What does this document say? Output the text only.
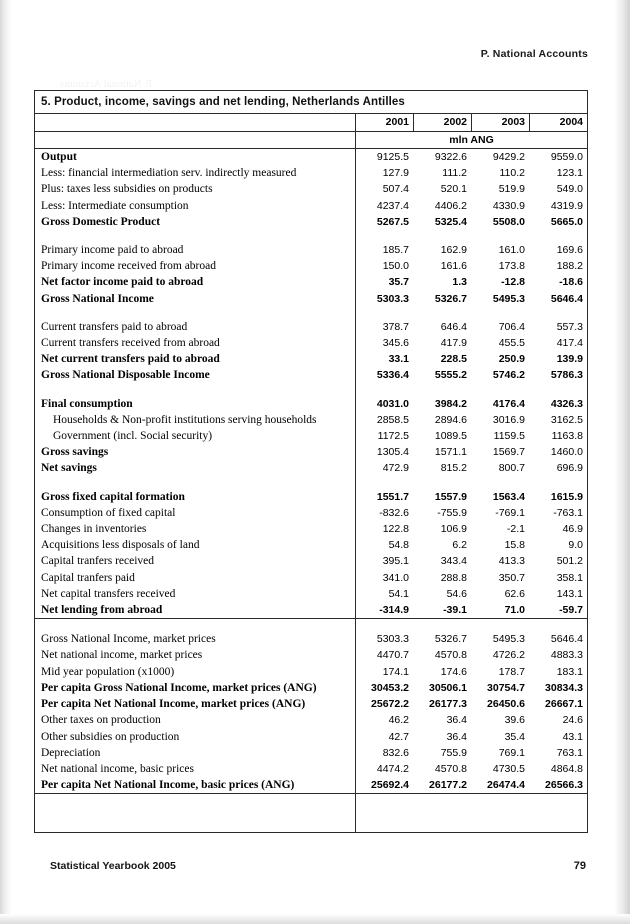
P. National Accounts
P. National Accounts
5. Product, income, savings and net lending, Netherlands Antilles
2001	2002	2003	2004
mln ANG
Output	9125.5	9322.6	9429.2	9559.0
Less: financial intermediation serv. indirectly measured	127.9	111.2	110.2	123.1
Plus: taxes less subsidies on products	507.4	520.1	519.9	549.0
Less: Intermediate consumption	4237.4	4406.2	4330.9	4319.9
Gross Domestic Product	5267.5	5325.4	5508.0	5665.0
Primary income paid to abroad	185.7	162.9	161.0	169.6
Primary income received from abroad	150.0	161.6	173.8	188.2
Net factor income paid to abroad	35.7	1.3	-12.8	-18.6
Gross National Income	5303.3	5326.7	5495.3	5646.4
Current transfers paid to abroad	378.7	646.4	706.4	557.3
Current transfers received from abroad	345.6	417.9	455.5	417.4
Net current transfers paid to abroad	33.1	228.5	250.9	139.9
Gross National Disposable Income	5336.4	5555.2	5746.2	5786.3
Final consumption	4031.0	3984.2	4176.4	4326.3
Households & Non-profit institutions serving households	2858.5	2894.6	3016.9	3162.5
Government (incl. Social security)	1172.5	1089.5	1159.5	1163.8
Gross savings	1305.4	1571.1	1569.7	1460.0
Net savings	472.9	815.2	800.7	696.9
Gross fixed capital formation	1551.7	1557.9	1563.4	1615.9
Consumption of fixed capital	-832.6	-755.9	-769.1	-763.1
Changes in inventories	122.8	106.9	-2.1	46.9
Acquisitions less disposals of land	54.8	6.2	15.8	9.0
Capital tranfers received	395.1	343.4	413.3	501.2
Capital tranfers paid	341.0	288.8	350.7	358.1
Net capital transfers received	54.1	54.6	62.6	143.1
Net lending from abroad	-314.9	-39.1	71.0	-59.7
Gross National Income, market prices	5303.3	5326.7	5495.3	5646.4
Net national income, market prices	4470.7	4570.8	4726.2	4883.3
Mid year population (x1000)	174.1	174.6	178.7	183.1
Per capita Gross National Income, market prices (ANG)	30453.2	30506.1	30754.7	30834.3
Per capita Net National Income, market prices (ANG)	25672.2	26177.3	26450.6	26667.1
Other taxes on production	46.2	36.4	39.6	24.6
Other subsidies on production	42.7	36.4	35.4	43.1
Depreciation	832.6	755.9	769.1	763.1
Net national income, basic prices	4474.2	4570.8	4730.5	4864.8
Per capita Net National Income, basic prices (ANG)	25692.4	26177.2	26474.4	26566.3
Statistical Yearbook 2005	79
